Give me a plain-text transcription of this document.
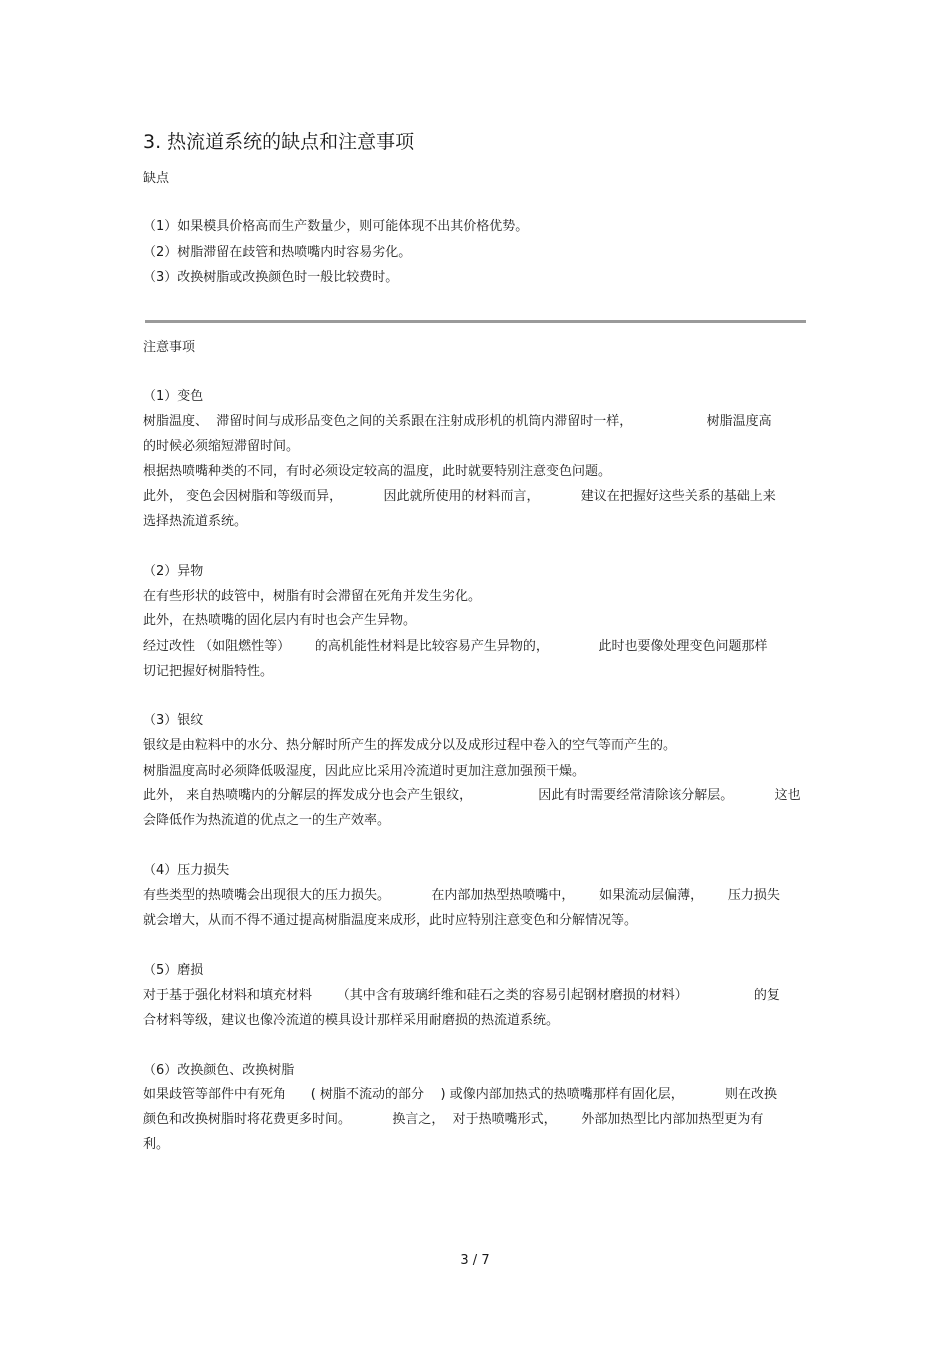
3. 热流道系统的缺点和注意事项
缺点
（1）如果模具价格高而生产数量少，则可能体现不出其价格优势。
（2）树脂滞留在歧管和热喷嘴内时容易劣化。
（3）改换树脂或改换颜色时一般比较费时。
注意事项
（1）变色
树脂温度、  滞留时间与成形品变色之间的关系跟在注射成形机的机筒内滞留时一样，                  树脂温度高
的时候必须缩短滞留时间。
根据热喷嘴种类的不同，有时必须设定较高的温度，此时就要特别注意变色问题。
此外， 变色会因树脂和等级而异，          因此就所使用的材料而言，          建议在把握好这些关系的基础上来
选择热流道系统。
（2）异物
在有些形状的歧管中，树脂有时会滞留在死角并发生劣化。
此外，在热喷嘴的固化层内有时也会产生异物。
经过改性 （如阻燃性等）      的高机能性材料是比较容易产生异物的，            此时也要像处理变色问题那样
切记把握好树脂特性。
（3）银纹
银纹是由粒料中的水分、热分解时所产生的挥发成分以及成形过程中卷入的空气等而产生的。
树脂温度高时必须降低吸湿度，因此应比采用冷流道时更加注意加强预干燥。
此外， 来自热喷嘴内的分解层的挥发成分也会产生银纹，                因此有时需要经常清除该分解层。          这也
会降低作为热流道的优点之一的生产效率。
（4）压力损失
有些类型的热喷嘴会出现很大的压力损失。          在内部加热型热喷嘴中，      如果流动层偏薄，      压力损失
就会增大，从而不得不通过提高树脂温度来成形，此时应特别注意变色和分解情况等。
（5）磨损
对于基于强化材料和填充材料      （其中含有玻璃纤维和硅石之类的容易引起钢材磨损的材料）                的复
合材料等级，建议也像冷流道的模具设计那样采用耐磨损的热流道系统。
（6）改换颜色、改换树脂
如果歧管等部件中有死角      ( 树脂不流动的部分    ) 或像内部加热式的热喷嘴那样有固化层，          则在改换
颜色和改换树脂时将花费更多时间。          换言之，  对于热喷嘴形式，      外部加热型比内部加热型更为有
利。
3 / 7
